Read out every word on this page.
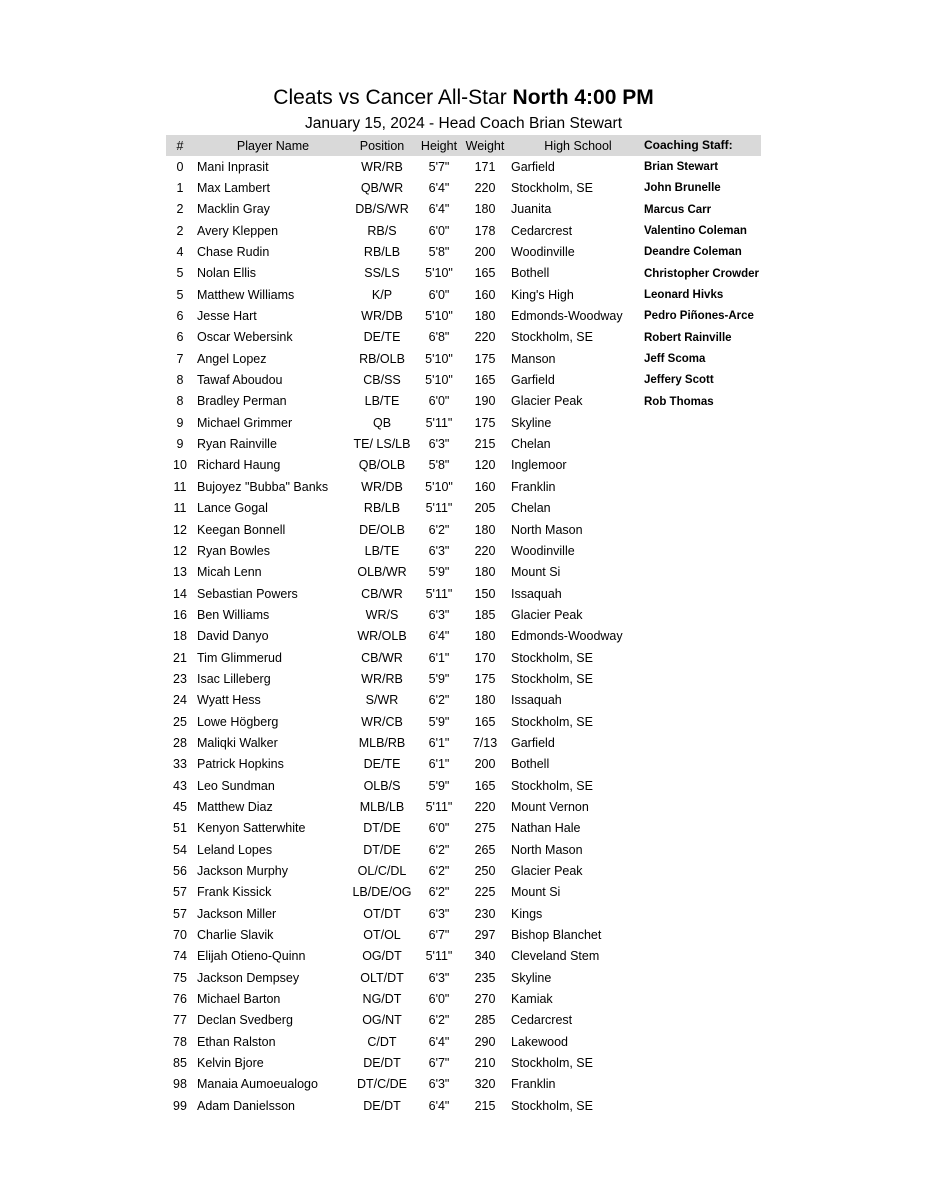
Cleats vs Cancer All-Star North 4:00 PM
January 15, 2024 - Head Coach Brian Stewart
#	Player Name	Position	Height	Weight	High School
0	Mani Inprasit	WR/RB	5'7"	171	Garfield
1	Max Lambert	QB/WR	6'4"	220	Stockholm, SE
2	Macklin Gray	DB/S/WR	6'4"	180	Juanita
2	Avery Kleppen	RB/S	6'0"	178	Cedarcrest
4	Chase Rudin	RB/LB	5'8"	200	Woodinville
5	Nolan Ellis	SS/LS	5'10"	165	Bothell
5	Matthew Williams	K/P	6'0"	160	King's High
6	Jesse Hart	WR/DB	5'10"	180	Edmonds-Woodway
6	Oscar Webersink	DE/TE	6'8"	220	Stockholm, SE
7	Angel Lopez	RB/OLB	5'10"	175	Manson
8	Tawaf Aboudou	CB/SS	5'10"	165	Garfield
8	Bradley Perman	LB/TE	6'0"	190	Glacier Peak
9	Michael Grimmer	QB	5'11"	175	Skyline
9	Ryan Rainville	TE/ LS/LB	6'3"	215	Chelan
10	Richard Haung	QB/OLB	5'8"	120	Inglemoor
11	Bujoyez "Bubba" Banks	WR/DB	5'10"	160	Franklin
11	Lance Gogal	RB/LB	5'11"	205	Chelan
12	Keegan Bonnell	DE/OLB	6'2"	180	North Mason
12	Ryan Bowles	LB/TE	6'3"	220	Woodinville
13	Micah Lenn	OLB/WR	5'9"	180	Mount Si
14	Sebastian Powers	CB/WR	5'11"	150	Issaquah
16	Ben Williams	WR/S	6'3"	185	Glacier Peak
18	David Danyo	WR/OLB	6'4"	180	Edmonds-Woodway
21	Tim Glimmerud	CB/WR	6'1"	170	Stockholm, SE
23	Isac Lilleberg	WR/RB	5'9"	175	Stockholm, SE
24	Wyatt Hess	S/WR	6'2"	180	Issaquah
25	Lowe Högberg	WR/CB	5'9"	165	Stockholm, SE
28	Maliqki Walker	MLB/RB	6'1"	7/13	Garfield
33	Patrick Hopkins	DE/TE	6'1"	200	Bothell
43	Leo Sundman	OLB/S	5'9"	165	Stockholm, SE
45	Matthew Diaz	MLB/LB	5'11"	220	Mount Vernon
51	Kenyon Satterwhite	DT/DE	6'0"	275	Nathan Hale
54	Leland Lopes	DT/DE	6'2"	265	North Mason
56	Jackson Murphy	OL/C/DL	6'2"	250	Glacier Peak
57	Frank Kissick	LB/DE/OG	6'2"	225	Mount Si
57	Jackson Miller	OT/DT	6'3"	230	Kings
70	Charlie Slavik	OT/OL	6'7"	297	Bishop Blanchet
74	Elijah Otieno-Quinn	OG/DT	5'11"	340	Cleveland Stem
75	Jackson Dempsey	OLT/DT	6'3"	235	Skyline
76	Michael Barton	NG/DT	6'0"	270	Kamiak
77	Declan Svedberg	OG/NT	6'2"	285	Cedarcrest
78	Ethan Ralston	C/DT	6'4"	290	Lakewood
85	Kelvin Bjore	DE/DT	6'7"	210	Stockholm, SE
98	Manaia Aumoeualogo	DT/C/DE	6'3"	320	Franklin
99	Adam Danielsson	DE/DT	6'4"	215	Stockholm, SE
Coaching Staff:
Brian Stewart
John Brunelle
Marcus Carr
Valentino Coleman
Deandre Coleman
Christopher Crowder
Leonard Hivks
Pedro Piñones-Arce
Robert Rainville
Jeff Scoma
Jeffery Scott
Rob Thomas
